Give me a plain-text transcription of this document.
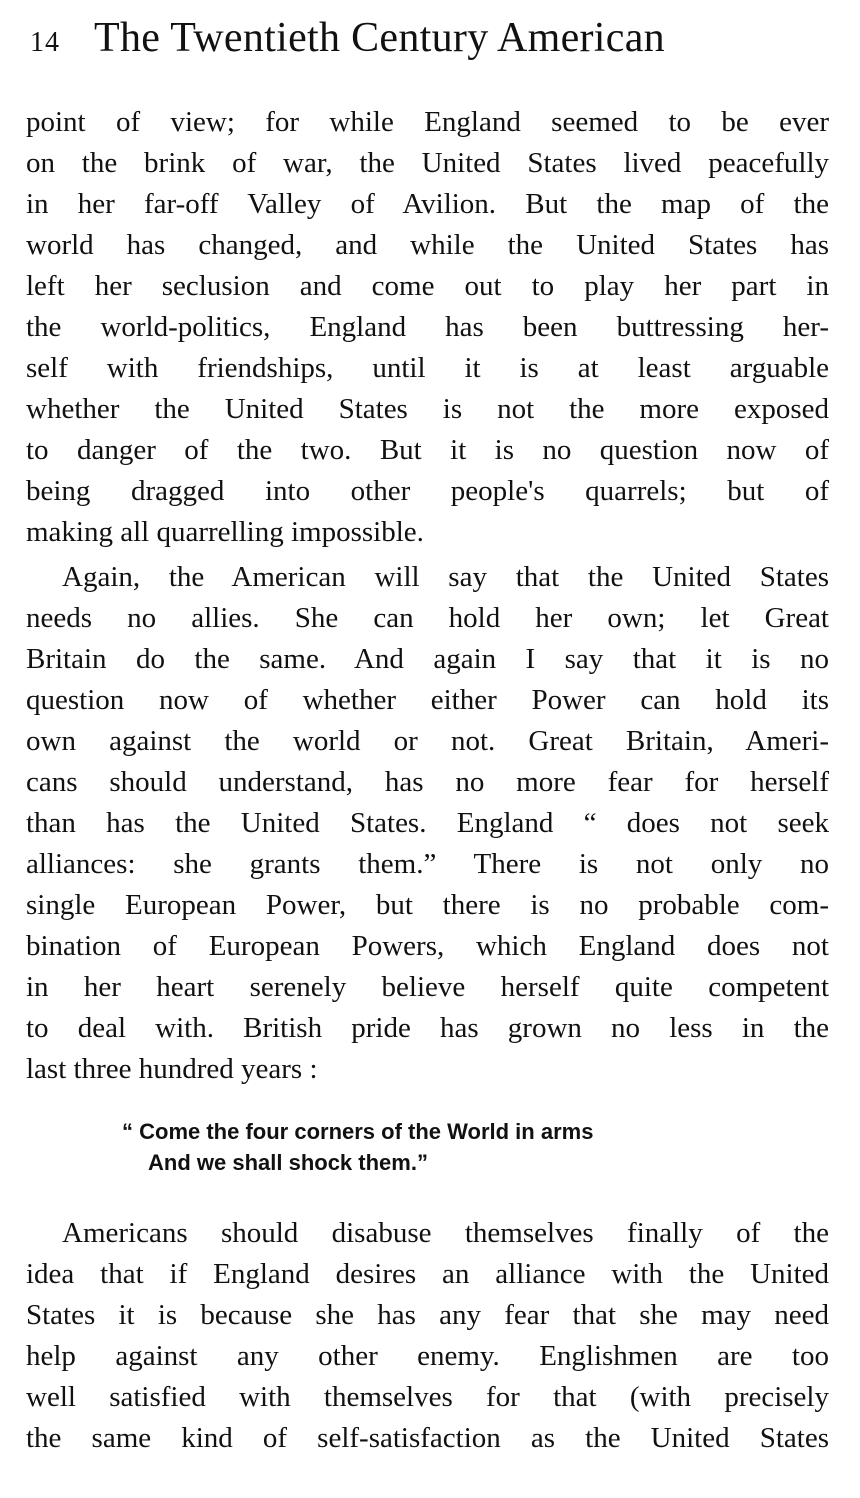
14 The Twentieth Century American

point of view; for while England seemed to be ever
on the brink of war, the United States lived peacefully
in her far-off Valley of Avilion. But the map of the
world has changed, and while the United States has
left her seclusion and come out to play her part in
the world-politics, England has been buttressing her-
self with friendships, until it is at least arguable
whether the United States is not the more exposed
to danger of the two. But it is no question now of
being dragged into other people's quarrels; but of
making all quarrelling impossible.

Again, the American will say that the United States
needs no allies. She can hold her own; let Great
Britain do the same. And again I say that it is no
question now of whether either Power can hold its
own against the world or not. Great Britain, Ameri-
cans should understand, has no more fear for herself
than has the United States. England “ does not seek
alliances: she grants them.” There is not only no
single European Power, but there is no probable com-
bination of European Powers, which England does not
in her heart serenely believe herself quite competent
to deal with. British pride has grown no less in the
last three hundred years :

“ Come the four corners of the World in arms
And we shall shock them.”

Americans should disabuse themselves finally of the
idea that if England desires an alliance with the United
States it is because she has any fear that she may need
help against any other enemy. Englishmen are too
well satisfied with themselves for that (with precisely
the same kind of self-satisfaction as the United States
